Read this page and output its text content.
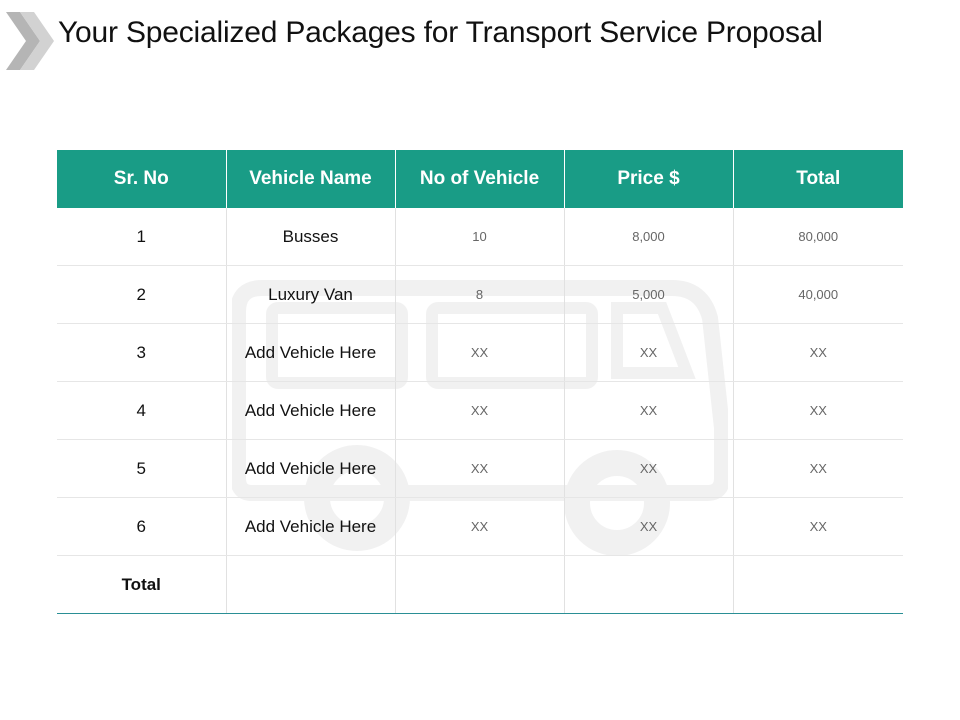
Your Specialized Packages for Transport Service Proposal
Sr. No	Vehicle Name	No of Vehicle	Price $	Total
1	Busses	10	8,000	80,000
2	Luxury Van	8	5,000	40,000
3	Add Vehicle Here	XX	XX	XX
4	Add Vehicle Here	XX	XX	XX
5	Add Vehicle Here	XX	XX	XX
6	Add Vehicle Here	XX	XX	XX
Total				
